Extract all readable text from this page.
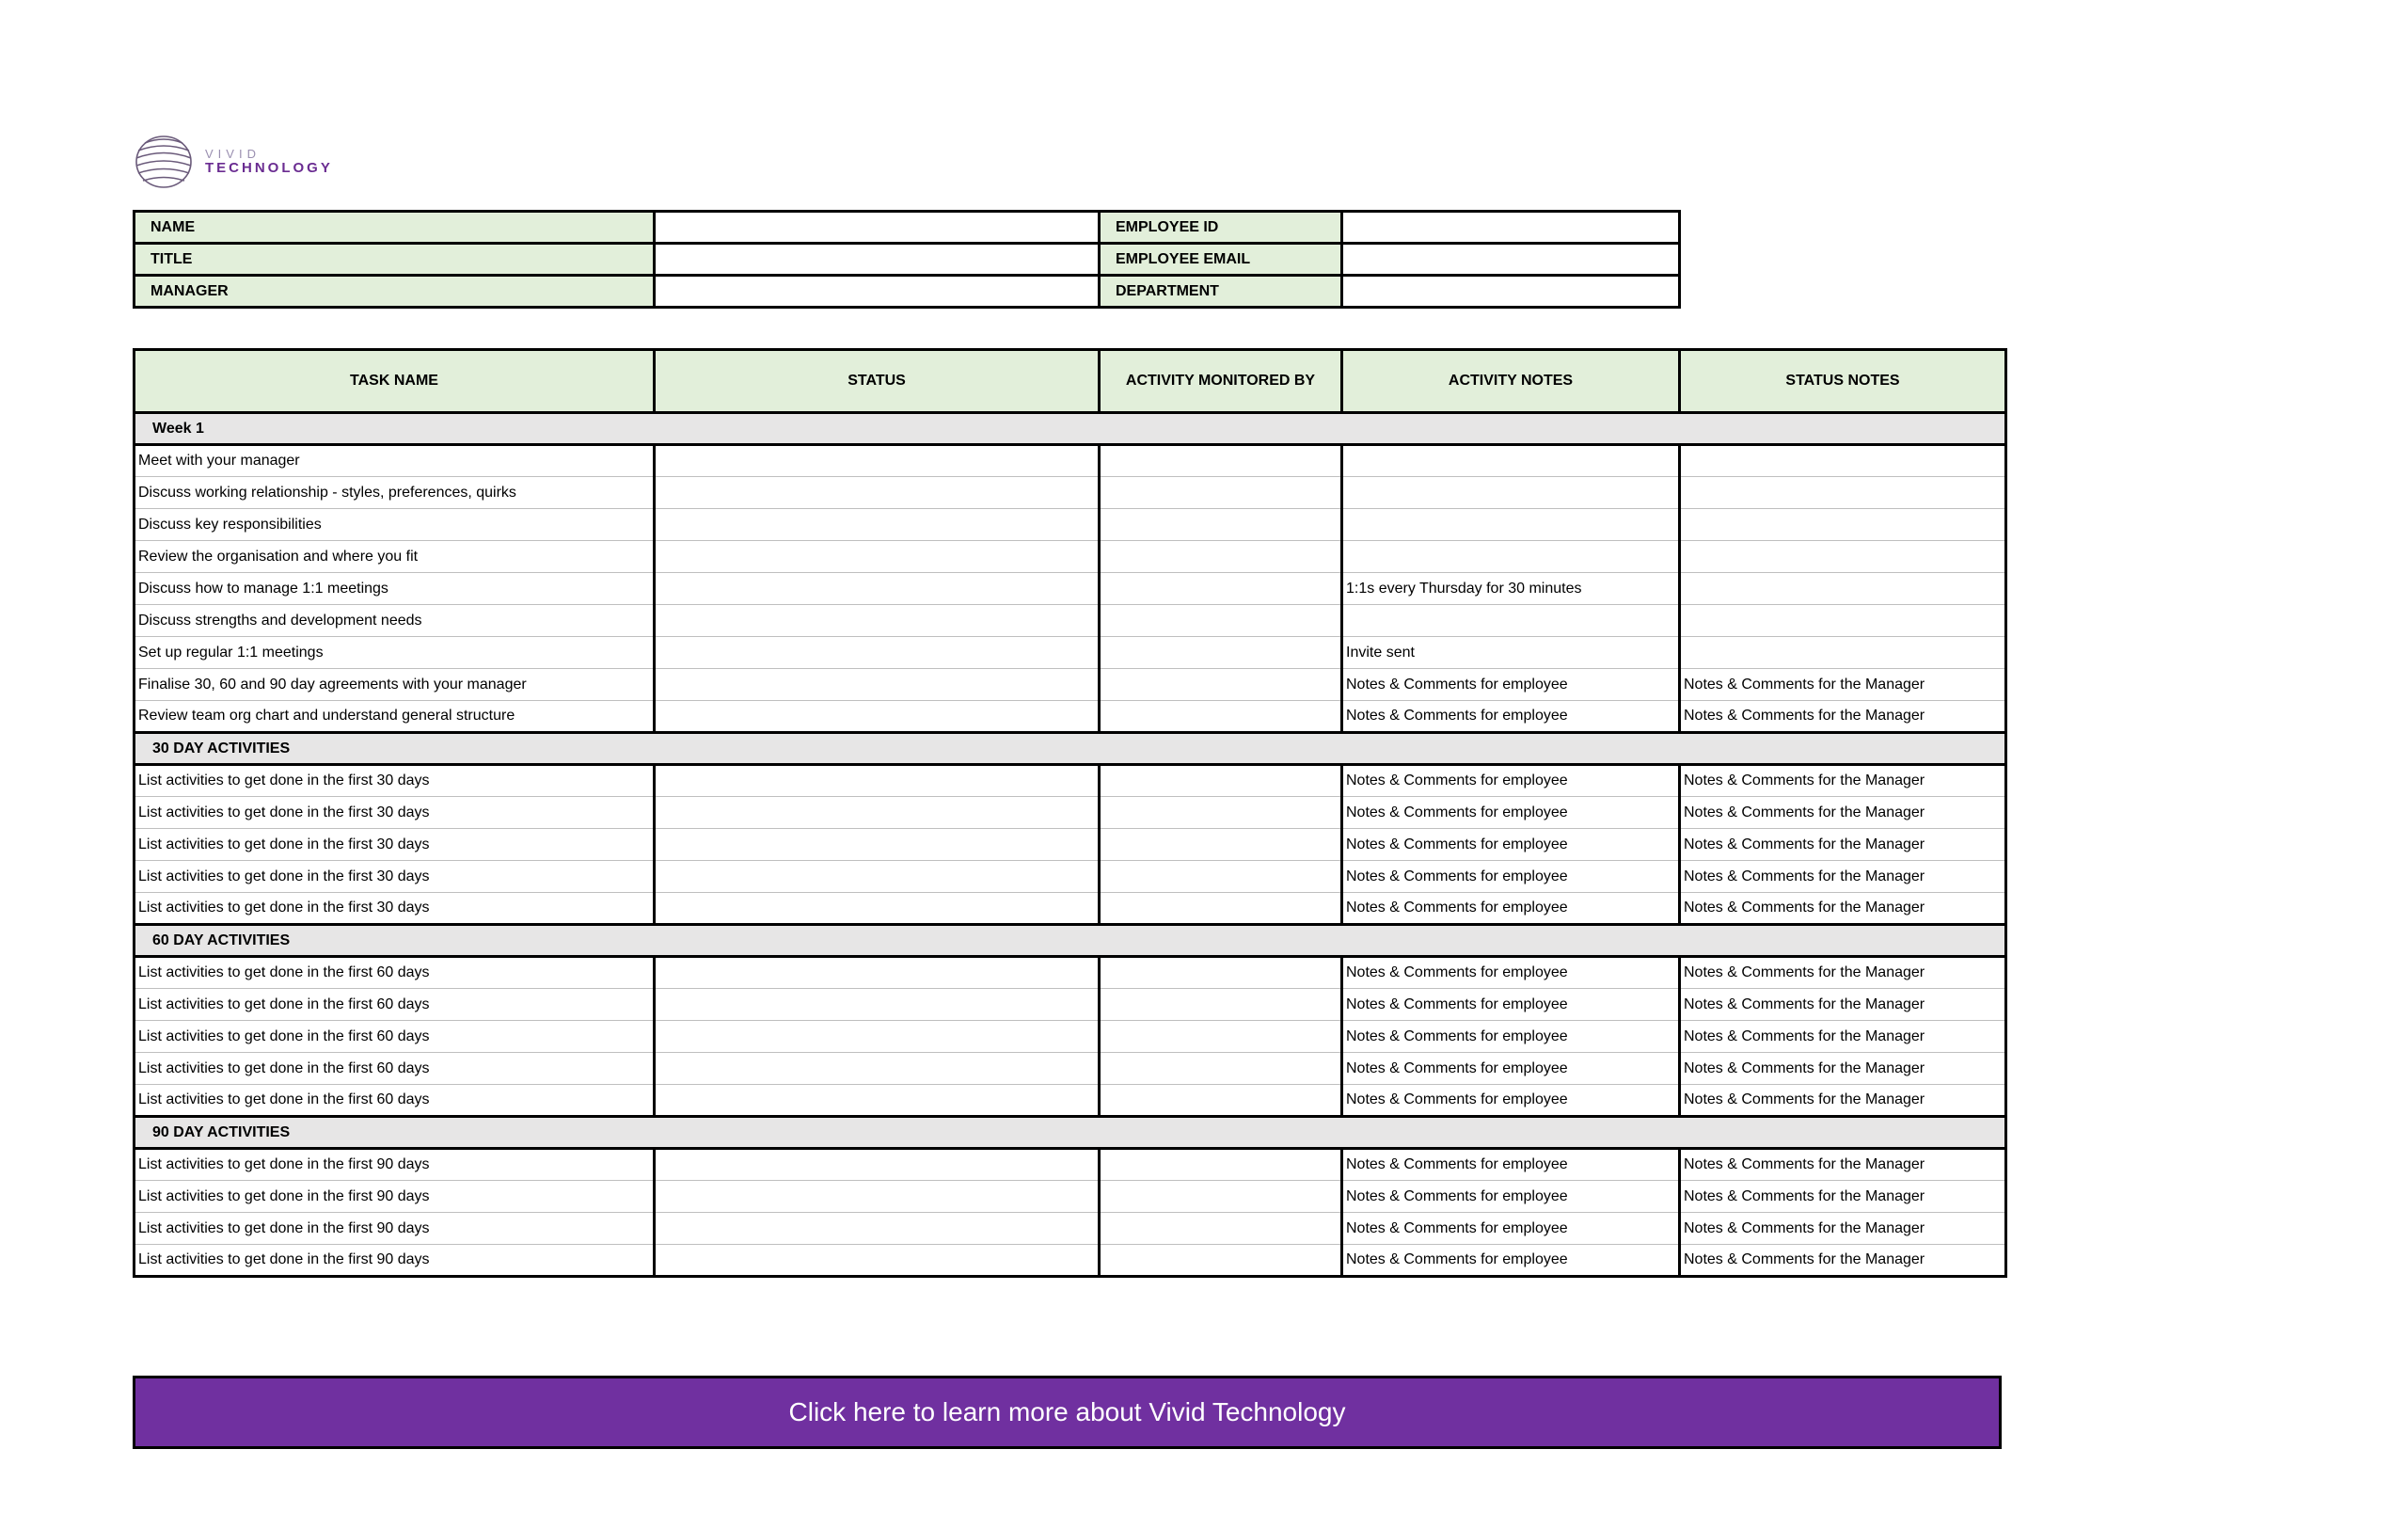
VIVID
TECHNOLOGY
NAME		EMPLOYEE ID	
TITLE		EMPLOYEE EMAIL	
MANAGER		DEPARTMENT	
TASK NAME	STATUS	ACTIVITY MONITORED BY	ACTIVITY NOTES	STATUS NOTES
Week 1				
Meet with your manager				
Discuss working relationship - styles, preferences, quirks				
Discuss key responsibilities				
Review the organisation and where you fit				
Discuss how to manage 1:1 meetings			1:1s every Thursday for 30 minutes	
Discuss strengths and development needs				
Set up regular 1:1 meetings			Invite sent	
Finalise 30, 60 and 90 day agreements with your manager			Notes & Comments for employee	Notes & Comments for the Manager
Review team org chart and understand general structure			Notes & Comments for employee	Notes & Comments for the Manager
30 DAY ACTIVITIES				
List activities to get done in the first 30 days			Notes & Comments for employee	Notes & Comments for the Manager
List activities to get done in the first 30 days			Notes & Comments for employee	Notes & Comments for the Manager
List activities to get done in the first 30 days			Notes & Comments for employee	Notes & Comments for the Manager
List activities to get done in the first 30 days			Notes & Comments for employee	Notes & Comments for the Manager
List activities to get done in the first 30 days			Notes & Comments for employee	Notes & Comments for the Manager
60 DAY ACTIVITIES				
List activities to get done in the first 60 days			Notes & Comments for employee	Notes & Comments for the Manager
List activities to get done in the first 60 days			Notes & Comments for employee	Notes & Comments for the Manager
List activities to get done in the first 60 days			Notes & Comments for employee	Notes & Comments for the Manager
List activities to get done in the first 60 days			Notes & Comments for employee	Notes & Comments for the Manager
List activities to get done in the first 60 days			Notes & Comments for employee	Notes & Comments for the Manager
90 DAY ACTIVITIES				
List activities to get done in the first 90 days			Notes & Comments for employee	Notes & Comments for the Manager
List activities to get done in the first 90 days			Notes & Comments for employee	Notes & Comments for the Manager
List activities to get done in the first 90 days			Notes & Comments for employee	Notes & Comments for the Manager
List activities to get done in the first 90 days			Notes & Comments for employee	Notes & Comments for the Manager
Click here to learn more about Vivid Technology
